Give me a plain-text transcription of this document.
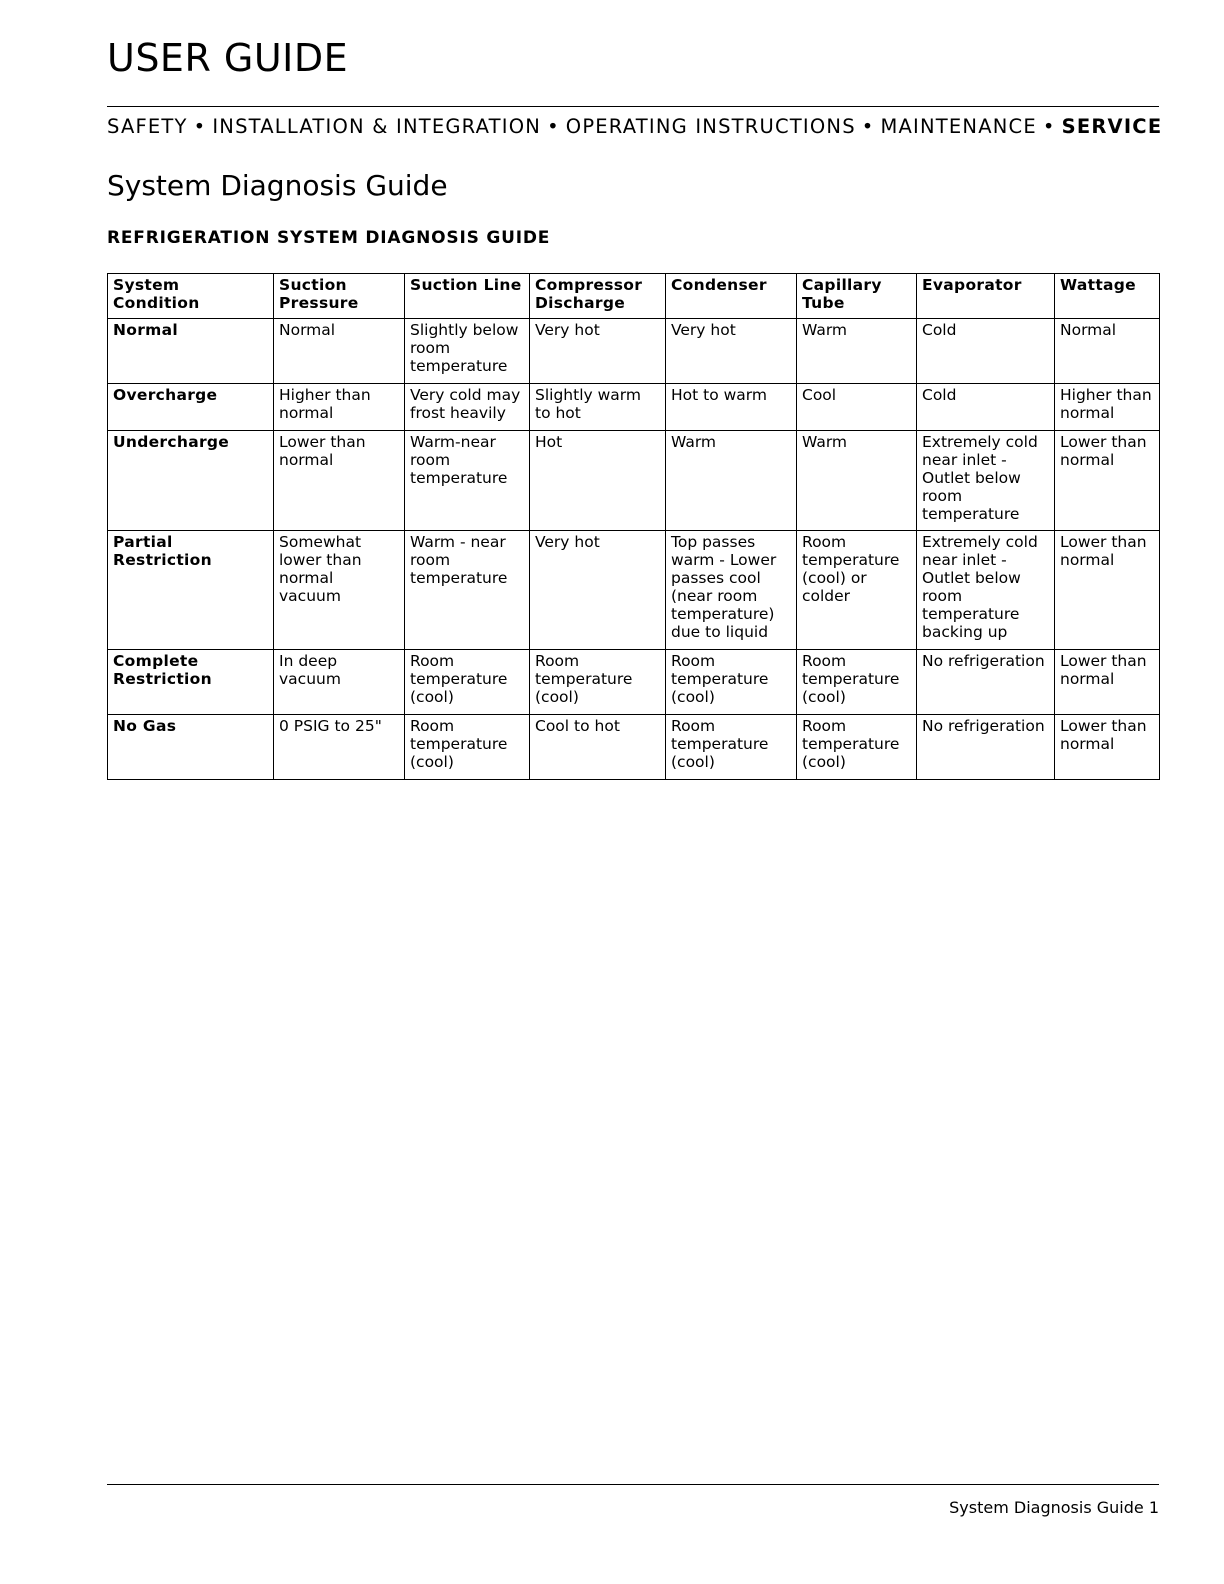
USER GUIDE
SAFETY • INSTALLATION & INTEGRATION • OPERATING INSTRUCTIONS • MAINTENANCE • SERVICE
System Diagnosis Guide
REFRIGERATION SYSTEM DIAGNOSIS GUIDE
System Condition	Suction Pressure	Suction Line	Compressor Discharge	Condenser	Capillary Tube	Evaporator	Wattage
Normal	Normal	Slightly below room temperature	Very hot	Very hot	Warm	Cold	Normal
Overcharge	Higher than normal	Very cold may frost heavily	Slightly warm to hot	Hot to warm	Cool	Cold	Higher than normal
Undercharge	Lower than normal	Warm-near room temperature	Hot	Warm	Warm	Extremely cold near inlet - Outlet below room temperature	Lower than normal
Partial Restriction	Somewhat lower than normal vacuum	Warm - near room temperature	Very hot	Top passes warm - Lower passes cool (near room temperature) due to liquid	Room temperature (cool) or colder	Extremely cold near inlet - Outlet below room temperature backing up	Lower than normal
Complete Restriction	In deep vacuum	Room temperature (cool)	Room temperature (cool)	Room temperature (cool)	Room temperature (cool)	No refrigeration	Lower than normal
No Gas	0 PSIG to 25"	Room temperature (cool)	Cool to hot	Room temperature (cool)	Room temperature (cool)	No refrigeration	Lower than normal
System Diagnosis Guide 1
